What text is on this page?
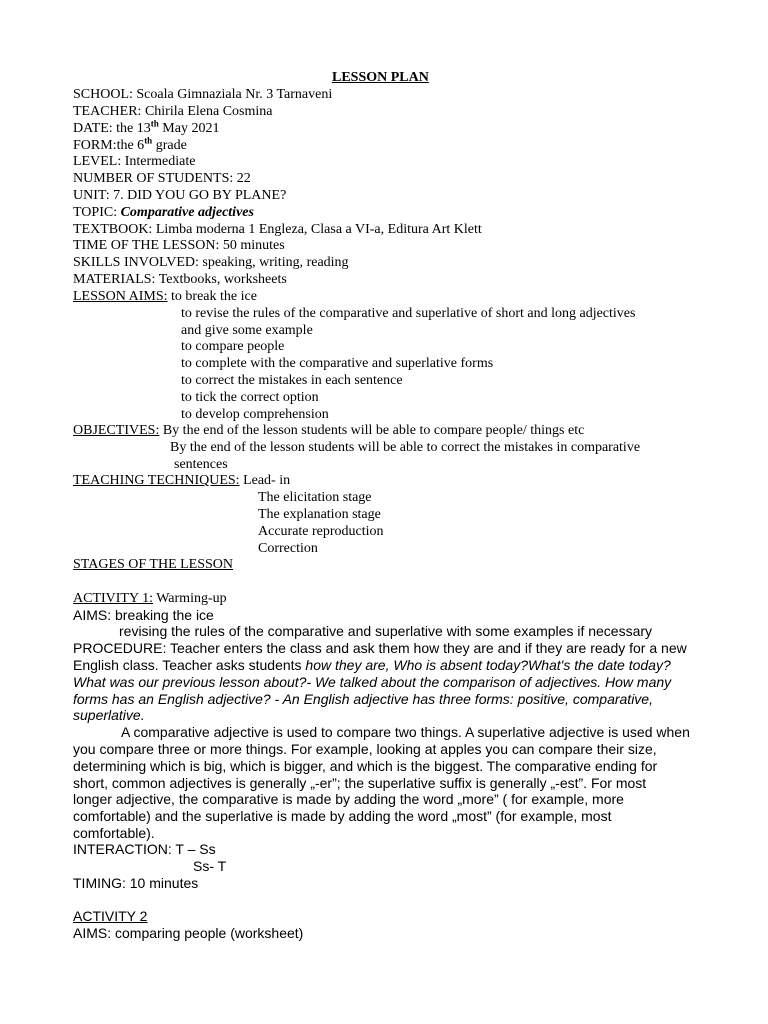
LESSON PLAN
SCHOOL: Scoala Gimnaziala Nr. 3 Tarnaveni
TEACHER: Chirila Elena Cosmina
DATE: the 13th May 2021
FORM:the 6th grade
LEVEL: Intermediate
NUMBER OF STUDENTS: 22
UNIT: 7. DID YOU GO BY PLANE?
TOPIC: Comparative adjectives
TEXTBOOK: Limba moderna 1 Engleza, Clasa a VI-a, Editura Art Klett
TIME OF THE LESSON: 50 minutes
SKILLS INVOLVED: speaking, writing, reading
MATERIALS: Textbooks, worksheets
LESSON AIMS: to break the ice
to revise the rules of the comparative and superlative of short and long adjectives
and give some example
to compare people
to complete with the comparative and superlative forms
to correct the mistakes in each sentence
to tick the correct option
to develop comprehension
OBJECTIVES: By the end of the lesson students will be able to compare people/ things etc
By the end of the lesson students will be able to correct the mistakes in comparative
sentences
TEACHING TECHNIQUES: Lead- in
The elicitation stage
The explanation stage
Accurate reproduction
Correction
STAGES OF THE LESSON
ACTIVITY 1: Warming-up
AIMS: breaking the ice
revising the rules of the comparative and superlative with some examples if necessary
PROCEDURE: Teacher enters the class and ask them how they are and if they are ready for a new
English class. Teacher asks students how they are, Who is absent today?What's the date today?
What was our previous lesson about?- We talked about the comparison of adjectives. How many
forms has an English adjective? - An English adjective has three forms: positive, comparative,
superlative.
A comparative adjective is used to compare two things. A superlative adjective is used when
you compare three or more things. For example, looking at apples you can compare their size,
determining which is big, which is bigger, and which is the biggest. The comparative ending for
short, common adjectives is generally „-er”; the superlative suffix is generally „-est”. For most
longer adjective, the comparative is made by adding the word „more” ( for example, more
comfortable) and the superlative is made by adding the word „most” (for example, most
comfortable).
INTERACTION: T – Ss
Ss- T
TIMING: 10 minutes
ACTIVITY 2
AIMS: comparing people (worksheet)
